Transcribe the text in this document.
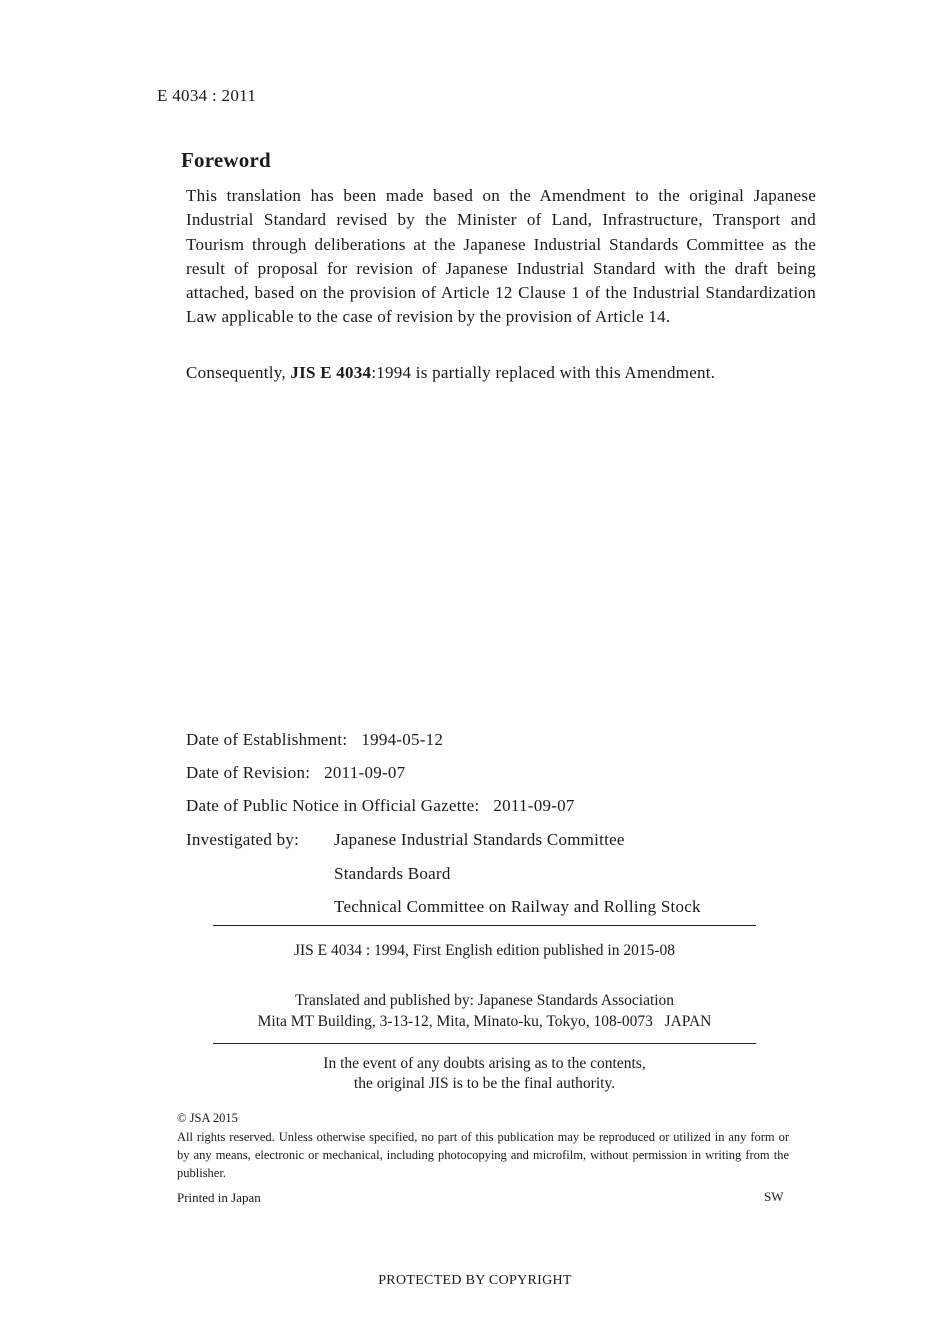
E 4034 : 2011
Foreword

This translation has been made based on the Amendment to the original Japanese Industrial Standard revised by the Minister of Land, Infrastructure, Transport and Tourism through deliberations at the Japanese Industrial Standards Committee as the result of proposal for revision of Japanese Industrial Standard with the draft being attached, based on the provision of Article 12 Clause 1 of the Industrial Standardization Law applicable to the case of revision by the provision of Article 14.

Consequently, JIS E 4034:1994 is partially replaced with this Amendment.
Date of Establishment: 1994-05-12
Date of Revision: 2011-09-07
Date of Public Notice in Official Gazette: 2011-09-07
Investigated by: Japanese Industrial Standards Committee
Standards Board
Technical Committee on Railway and Rolling Stock
JIS E 4034 : 1994, First English edition published in 2015-08
Translated and published by: Japanese Standards Association
Mita MT Building, 3-13-12, Mita, Minato-ku, Tokyo, 108-0073   JAPAN
In the event of any doubts arising as to the contents,
the original JIS is to be the final authority.
© JSA 2015

All rights reserved. Unless otherwise specified, no part of this publication may be reproduced or utilized in any form or by any means, electronic or mechanical, including photocopying and microfilm, without permission in writing from the publisher.

Printed in Japan	SW
PROTECTED BY COPYRIGHT
